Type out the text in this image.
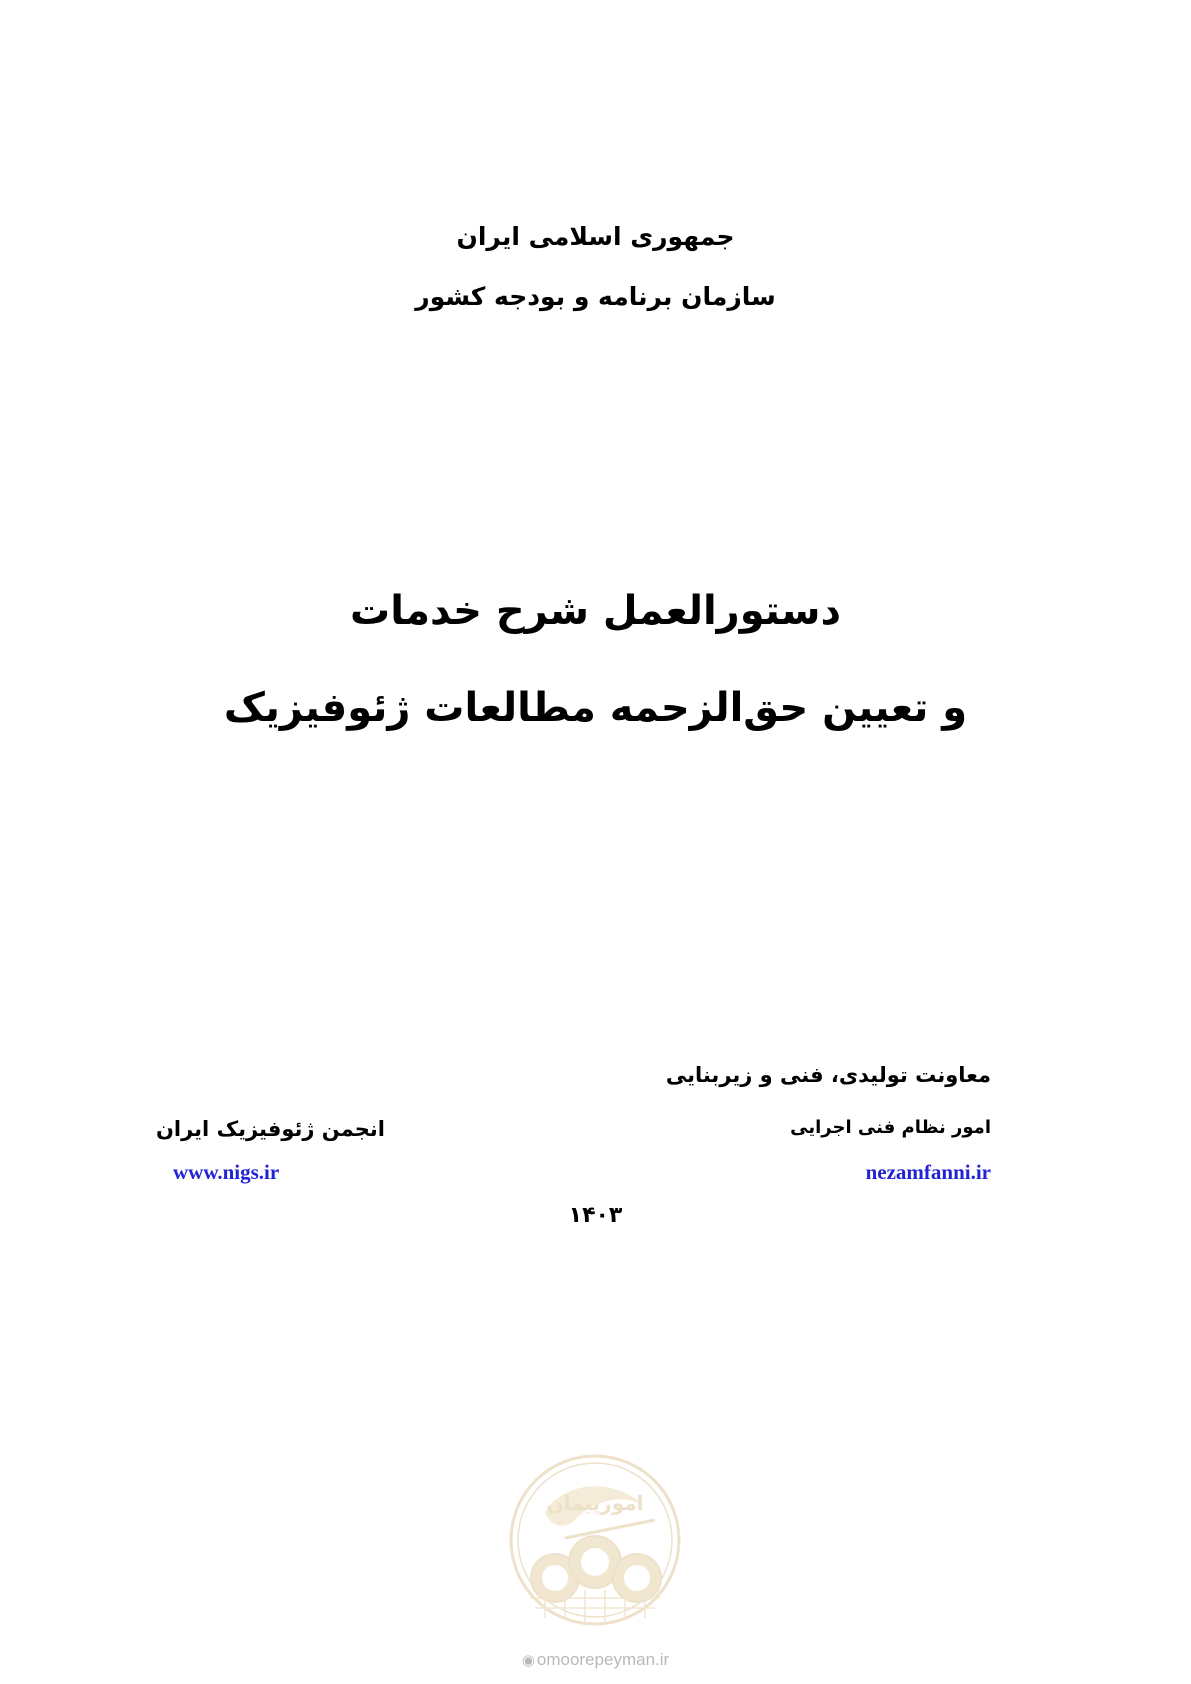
جمهوری اسلامی ایران
سازمان برنامه و بودجه کشور
دستورالعمل شرح خدمات
و تعیین حق‌الزحمه مطالعات ژئوفیزیک
معاونت تولیدی، فنی و زیربنایی
امور نظام فنی اجرایی
nezamfanni.ir
انجمن ژئوفیزیک ایران
www.nigs.ir
۱۴۰۳
امورپیمان
◉ omoorepeyman.ir
